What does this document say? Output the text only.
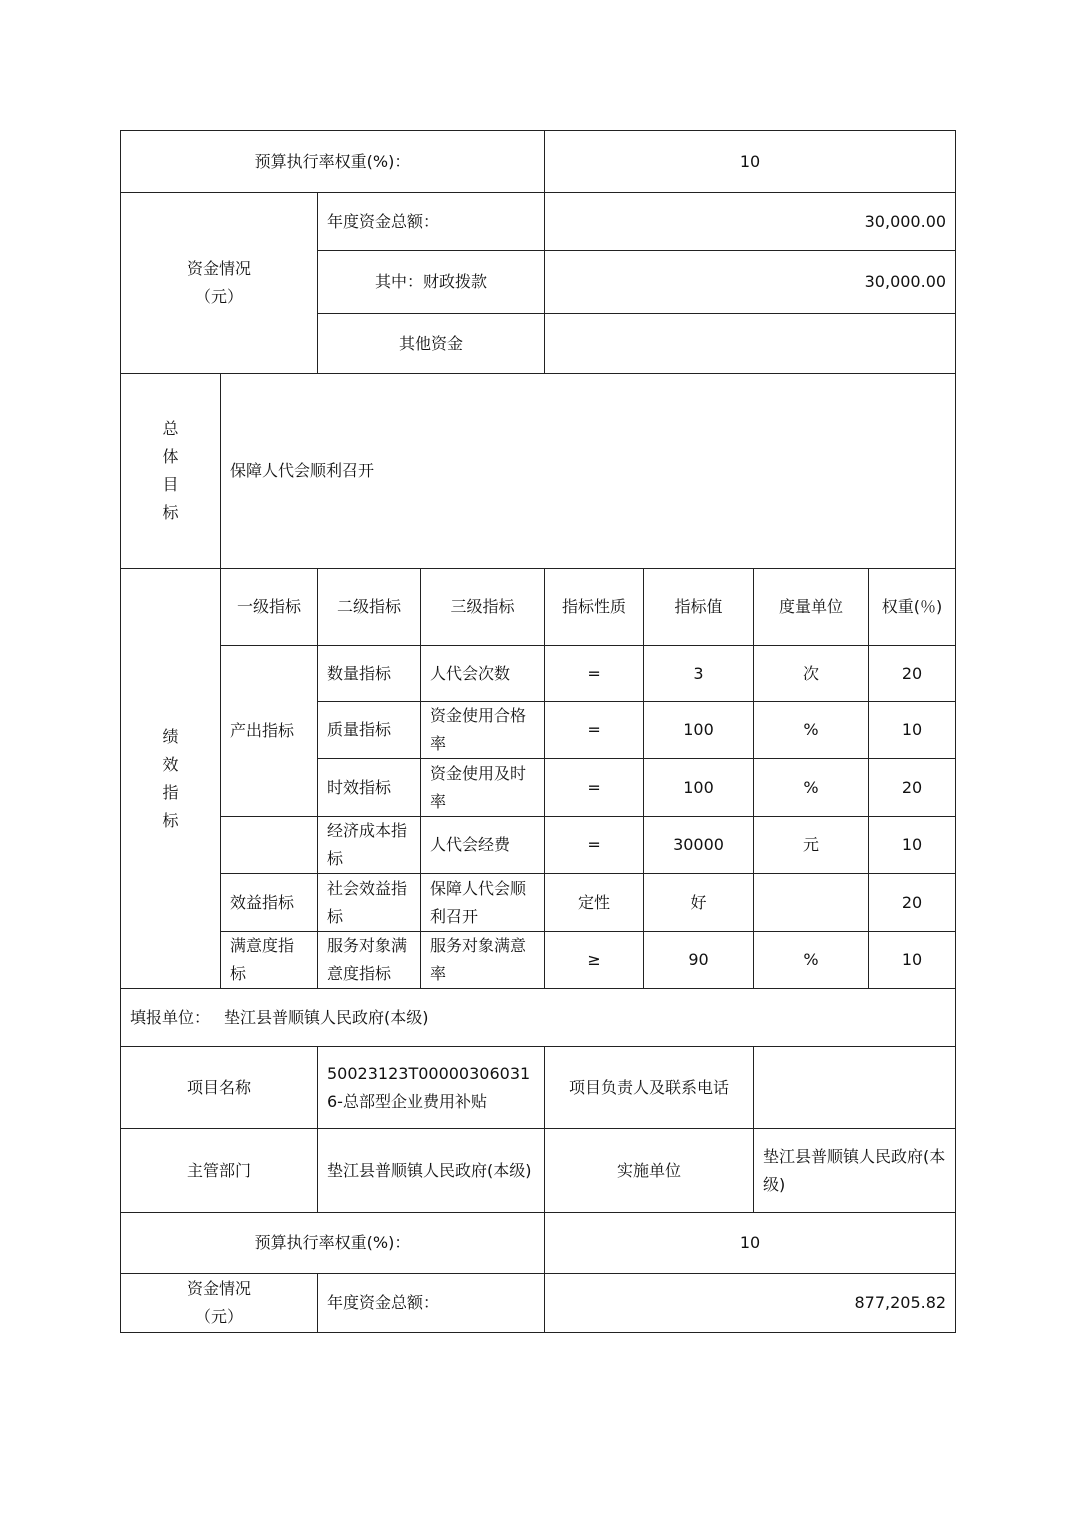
预算执行率权重(%)：				10			

资金情况
（元）		年度资金总额：		30,000.00			
		其中：财政拨款		30,000.00			
		其他资金					

总
体
目
标	保障人代会顺利召开						

绩
效
指
标	一级指标	二级指标	三级指标	指标性质	指标值	度量单位	权重(％)
	产出指标	数量指标	人代会次数	=	3	次	20
		质量指标	资金使用合格率	=	100	%	10
		时效指标	资金使用及时率	=	100	%	20
		经济成本指标	人代会经费	=	30000	元	10
	效益指标	社会效益指标	保障人代会顺利召开	定性	好		20
	满意度指标	服务对象满意度指标	服务对象满意率	≥	90	%	10
填报单位： 垫江县普顺镇人民政府(本级)							
项目名称		50023123T000003060316-总部型企业费用补贴		项目负责人及联系电话			
主管部门		垫江县普顺镇人民政府(本级)		实施单位		垫江县普顺镇人民政府(本级)	
预算执行率权重(%)：				10			

资金情况
（元）		年度资金总额：		877,205.82			
